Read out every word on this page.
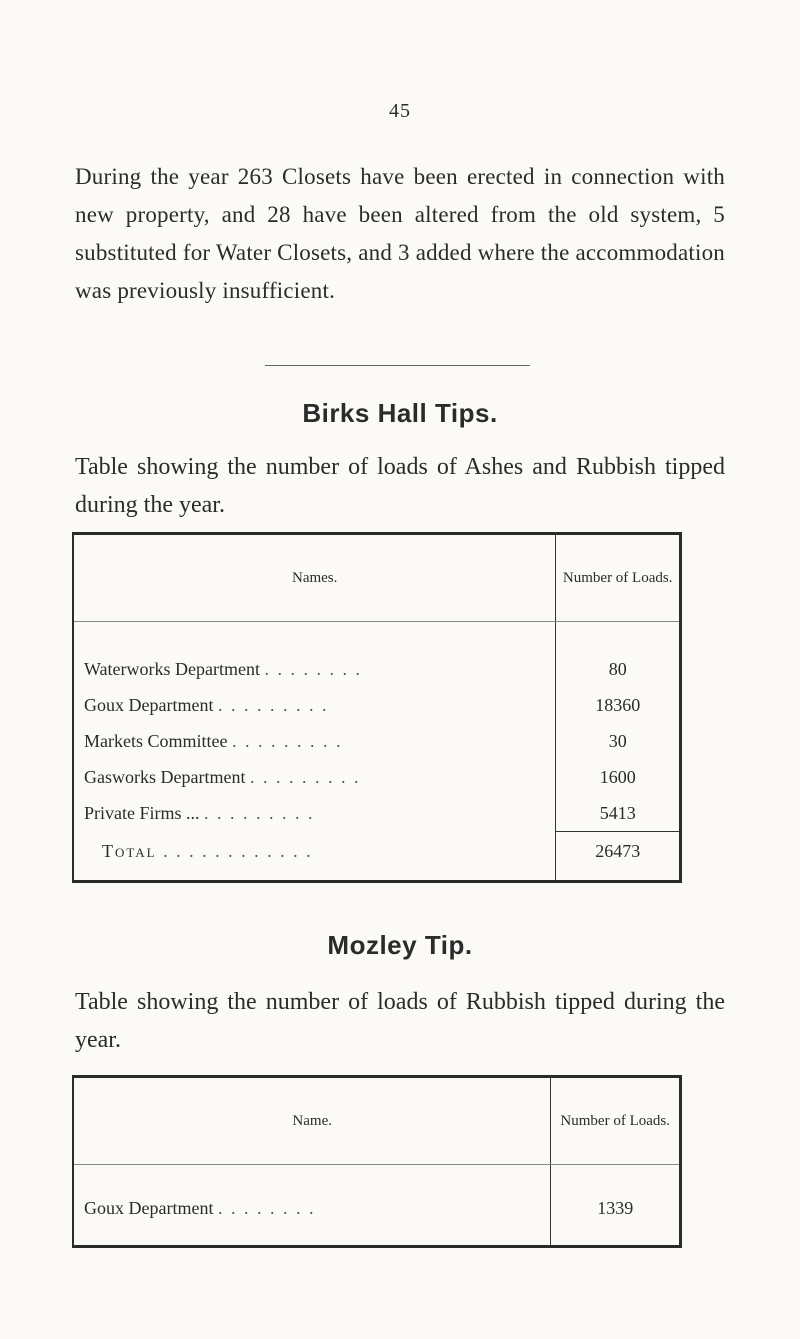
45
During the year 263 Closets have been erected in connection with new property, and 28 have been altered from the old system, 5 substituted for Water Closets, and 3 added where the accommodation was previously insufficient.
Birks Hall Tips.
Table showing the number of loads of Ashes and Rubbish tipped during the year.
Names.	Number of Loads.

Waterworks Department . . . . . . . .	80
Goux Department . . . . . . . . .	18360
Markets Committee . . . . . . . . .	30
Gasworks Department . . . . . . . . .	1600
Private Firms ... . . . . . . . . .	5413
Total . . . . . . . . . . . .	26473

Mozley Tip.
Table showing the number of loads of Rubbish tipped during the year.
Name.	Number of Loads.

Goux Department . . . . . . . .	1339
